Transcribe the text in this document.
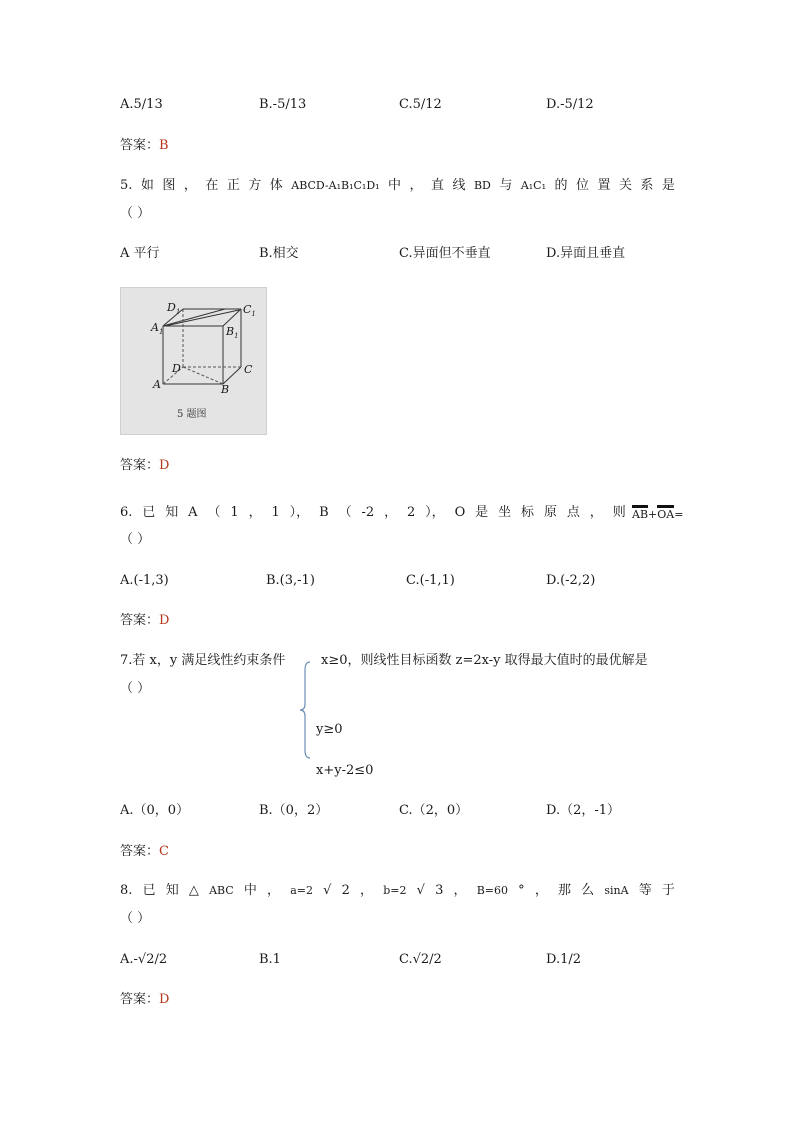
A.5/13	B.-5/13	C.5/12	D.-5/12
答案：B
5. 如 图 ， 在 正 方 体 ABCD-A₁B₁C₁D₁ 中 ， 直 线 BD 与 A₁C₁ 的 位 置 关 系 是
（ ）
A 平行	B.相交	C.异面但不垂直	D.异面且垂直
$D_1$	$C_1$
$A_1$	$B_1$
D	C
A	B
5 题图
答案：D
6. 已 知 A （ 1 ， 1 ）， B （ -2 ， 2 ）， O 是 坐 标 原 点 ， 则 AB+OA=
（ ）
A.(-1,3)	B.(3,-1)	C.(-1,1)	D.(-2,2)
答案：D
7.若 x，y 满足线性约束条件	x≥0，则线性目标函数 z=2x-y 取得最大值时的最优解是
（ ）
y≥0
x+y-2≤0
A.（0，0）	B.（0，2）	C.（2，0）	D.（2，-1）
答案：C
8. 已 知 △ ABC 中 ， a=2 √ 2 ， b=2 √ 3 ， B=60 ° ， 那 么 sinA 等 于
（ ）
A.-√2/2	B.1	C.√2/2	D.1/2
答案：D
